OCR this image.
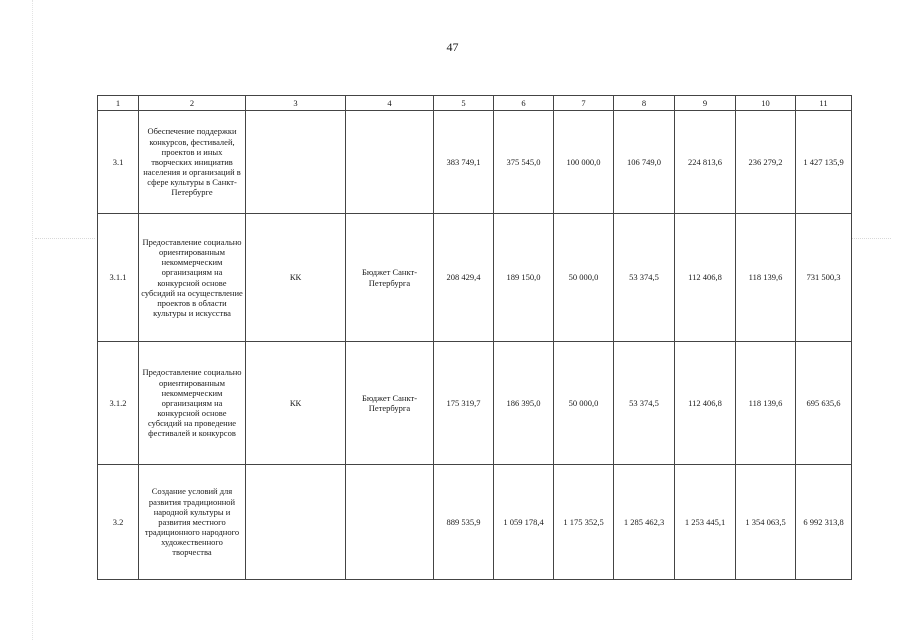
47
1	2	3	4	5	6	7	8	9	10	11
3.1	Обеспечение поддержки конкурсов, фестивалей, проектов и иных творческих инициатив населения и организаций в сфере культуры в Санкт-Петербурге			383 749,1	375 545,0	100 000,0	106 749,0	224 813,6	236 279,2	1 427 135,9
3.1.1	Предоставление социально ориентированным некоммерческим организациям на конкурсной основе субсидий на осуществление проектов в области культуры и искусства	КК	Бюджет Санкт-Петербурга	208 429,4	189 150,0	50 000,0	53 374,5	112 406,8	118 139,6	731 500,3
3.1.2	Предоставление социально ориентированным некоммерческим организациям на конкурсной основе субсидий на проведение фестивалей и конкурсов	КК	Бюджет Санкт-Петербурга	175 319,7	186 395,0	50 000,0	53 374,5	112 406,8	118 139,6	695 635,6
3.2	Создание условий для развития традиционной народной культуры и развития местного традиционного народного художественного творчества			889 535,9	1 059 178,4	1 175 352,5	1 285 462,3	1 253 445,1	1 354 063,5	6 992 313,8
